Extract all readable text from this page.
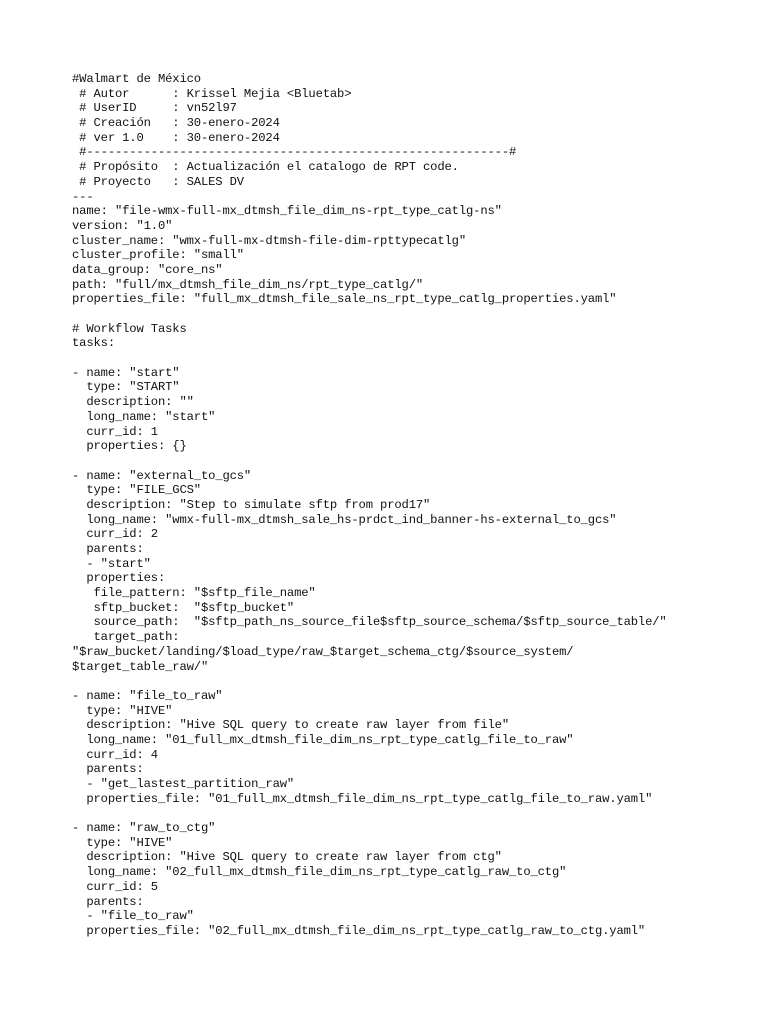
#Walmart de México
# Autor      : Krissel Mejia <Bluetab>
# UserID     : vn52l97
# Creación   : 30-enero-2024
# ver 1.0    : 30-enero-2024
#-----------------------------------------------------------#
# Propósito  : Actualización el catalogo de RPT code.
# Proyecto   : SALES DV
---
name: "file-wmx-full-mx_dtmsh_file_dim_ns-rpt_type_catlg-ns"
version: "1.0"
cluster_name: "wmx-full-mx-dtmsh-file-dim-rpttypecatlg"
cluster_profile: "small"
data_group: "core_ns"
path: "full/mx_dtmsh_file_dim_ns/rpt_type_catlg/"
properties_file: "full_mx_dtmsh_file_sale_ns_rpt_type_catlg_properties.yaml"
# Workflow Tasks
tasks:
- name: "start"
type: "START"
description: ""
long_name: "start"
curr_id: 1
properties: {}
- name: "external_to_gcs"
type: "FILE_GCS"
description: "Step to simulate sftp from prod17"
long_name: "wmx-full-mx_dtmsh_sale_hs-prdct_ind_banner-hs-external_to_gcs"
curr_id: 2
parents:
- "start"
properties:
file_pattern: "$sftp_file_name"
sftp_bucket:  "$sftp_bucket"
source_path:  "$sftp_path_ns_source_file$sftp_source_schema/$sftp_source_table/"
target_path:
"$raw_bucket/landing/$load_type/raw_$target_schema_ctg/$source_system/
$target_table_raw/"
- name: "file_to_raw"
type: "HIVE"
description: "Hive SQL query to create raw layer from file"
long_name: "01_full_mx_dtmsh_file_dim_ns_rpt_type_catlg_file_to_raw"
curr_id: 4
parents:
- "get_lastest_partition_raw"
properties_file: "01_full_mx_dtmsh_file_dim_ns_rpt_type_catlg_file_to_raw.yaml"
- name: "raw_to_ctg"
type: "HIVE"
description: "Hive SQL query to create raw layer from ctg"
long_name: "02_full_mx_dtmsh_file_dim_ns_rpt_type_catlg_raw_to_ctg"
curr_id: 5
parents:
- "file_to_raw"
properties_file: "02_full_mx_dtmsh_file_dim_ns_rpt_type_catlg_raw_to_ctg.yaml"
